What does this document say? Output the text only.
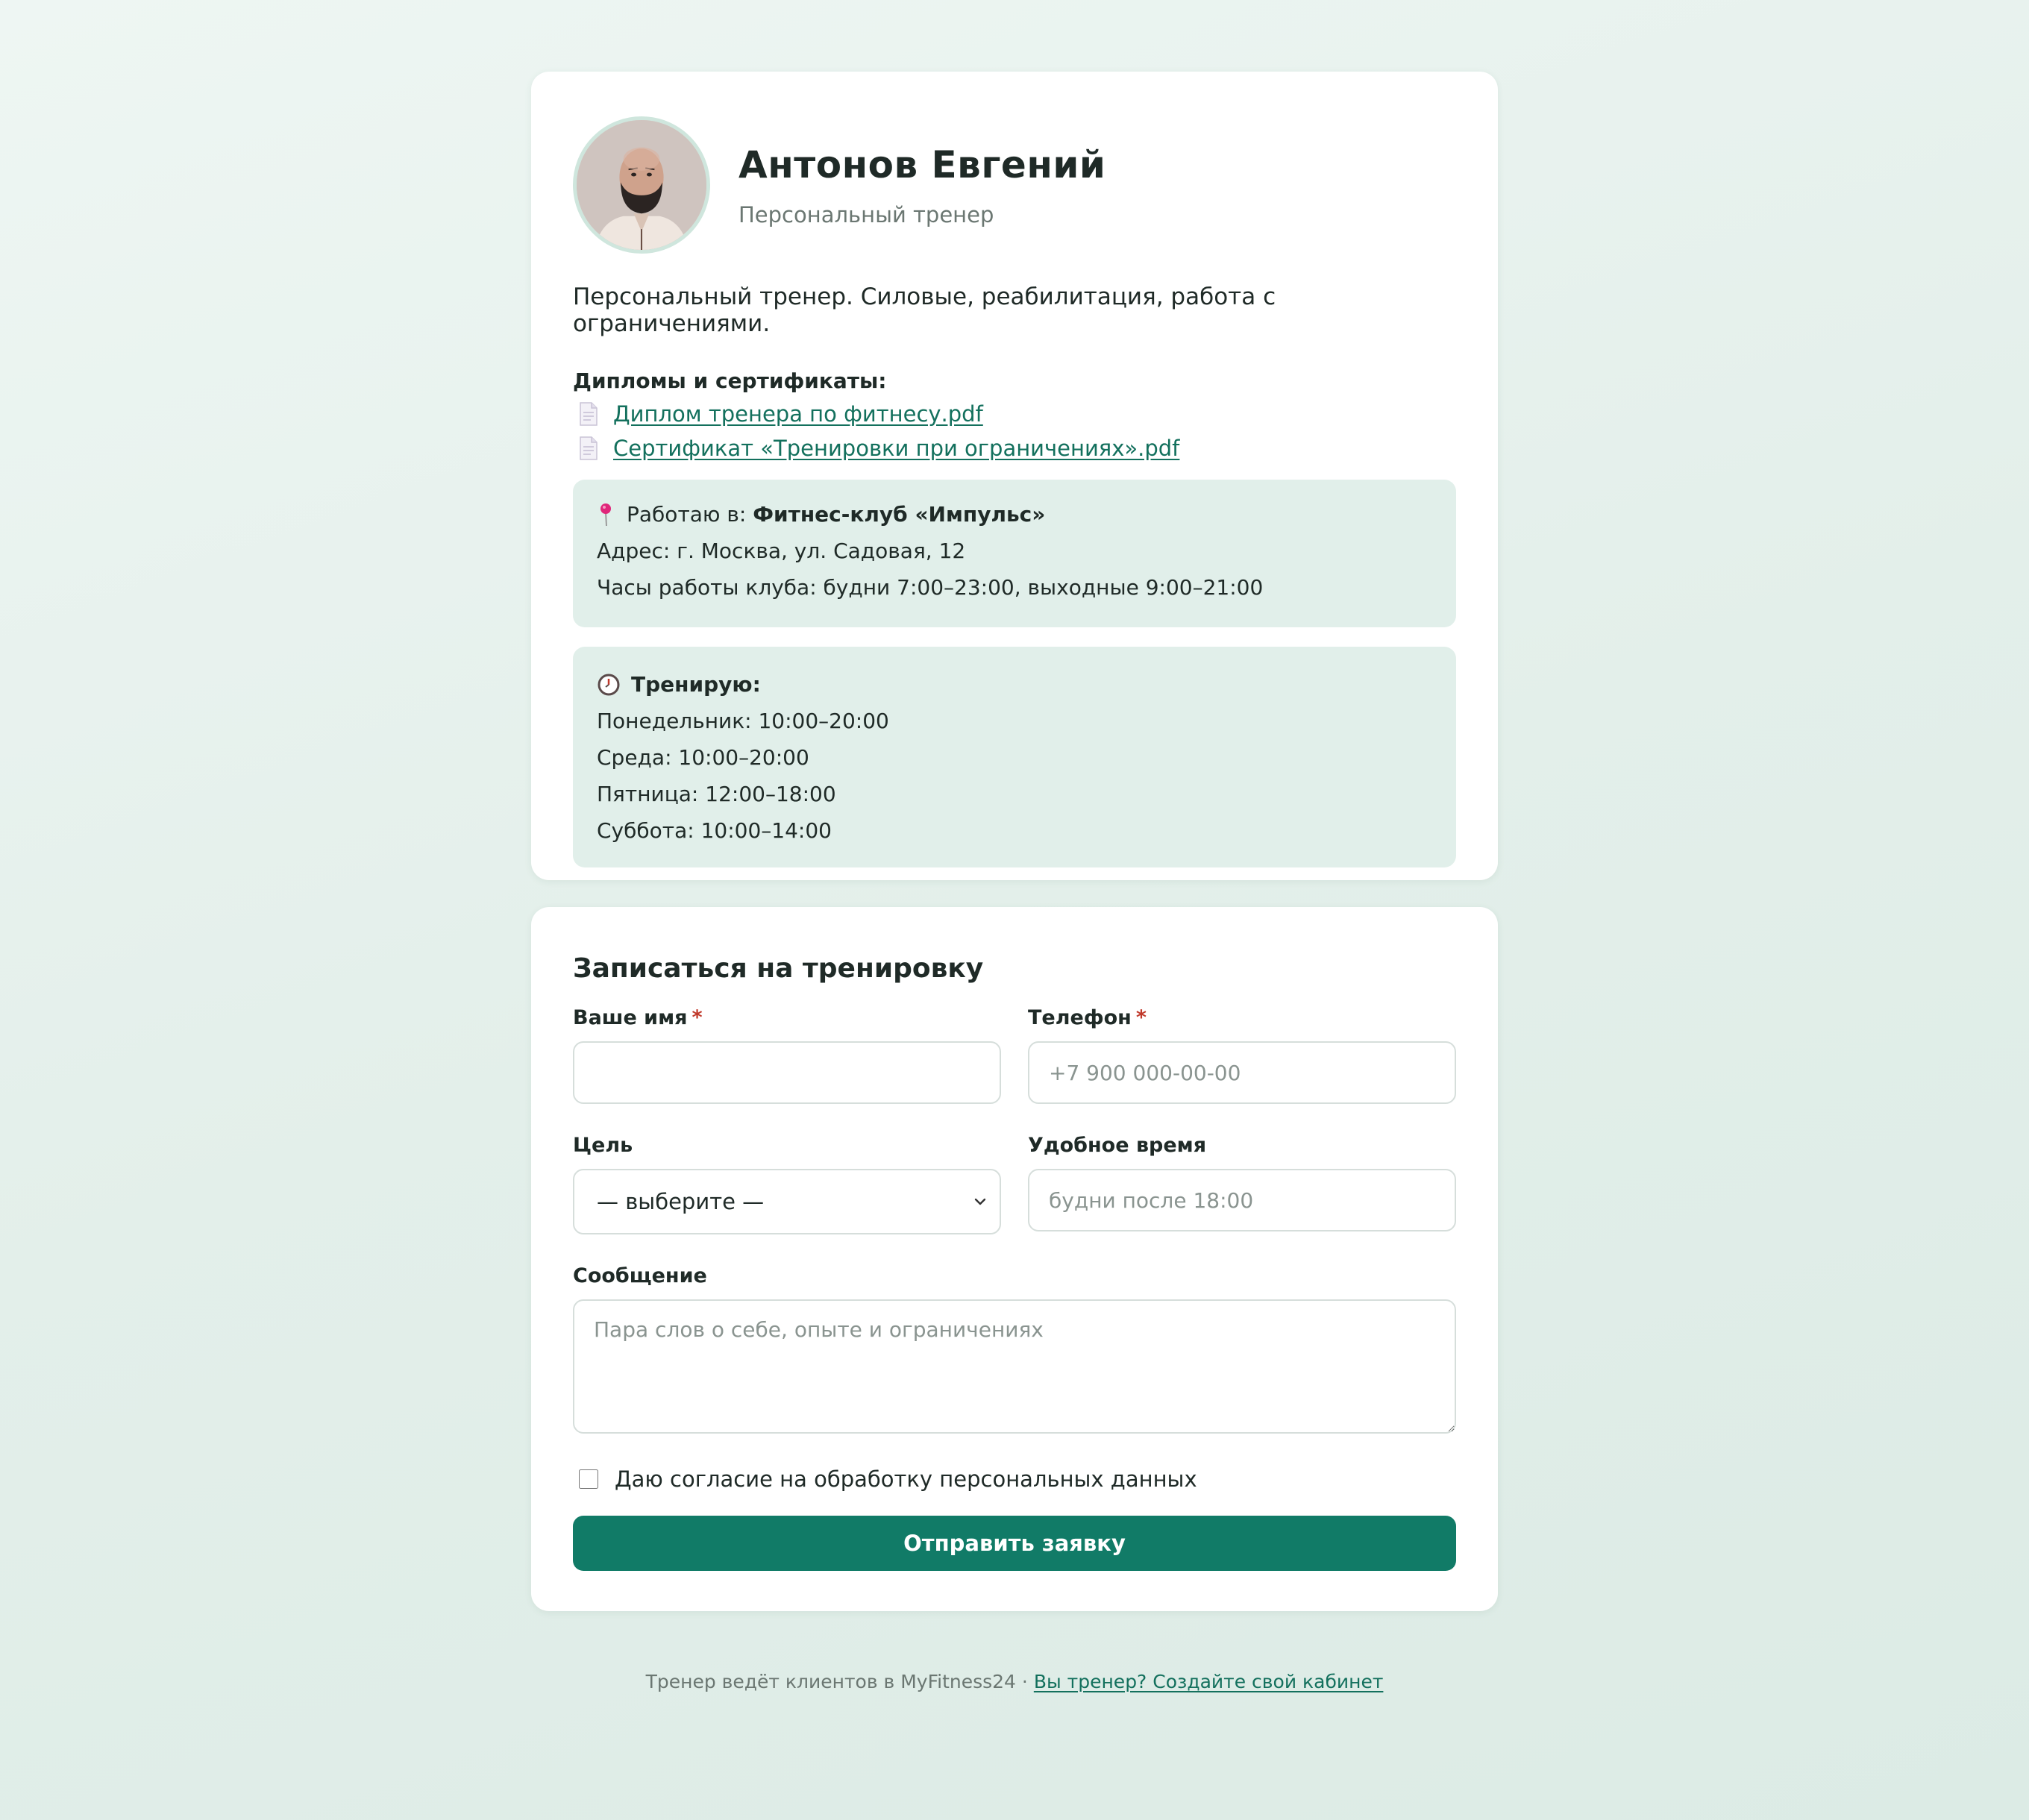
Антонов Евгений
Персональный тренер
Персональный тренер. Силовые, реабилитация, работа с ограничениями.
Дипломы и сертификаты:
Диплом тренера по фитнесу.pdf
Сертификат «Тренировки при ограничениях».pdf
Работаю в: Фитнес-клуб «Импульс»
Адрес: г. Москва, ул. Садовая, 12
Часы работы клуба: будни 7:00–23:00, выходные 9:00–21:00
Тренирую:
Понедельник: 10:00–20:00
Среда: 10:00–20:00
Пятница: 12:00–18:00
Суббота: 10:00–14:00
Записаться на тренировку
Ваше имя *	Телефон *
+7 900 000-00-00
Цель
— выберите —	Удобное время
будни после 18:00
Сообщение
Пара слов о себе, опыте и ограничениях
Даю согласие на обработку персональных данных
Отправить заявку
Тренер ведёт клиентов в MyFitness24 · Вы тренер? Создайте свой кабинет
